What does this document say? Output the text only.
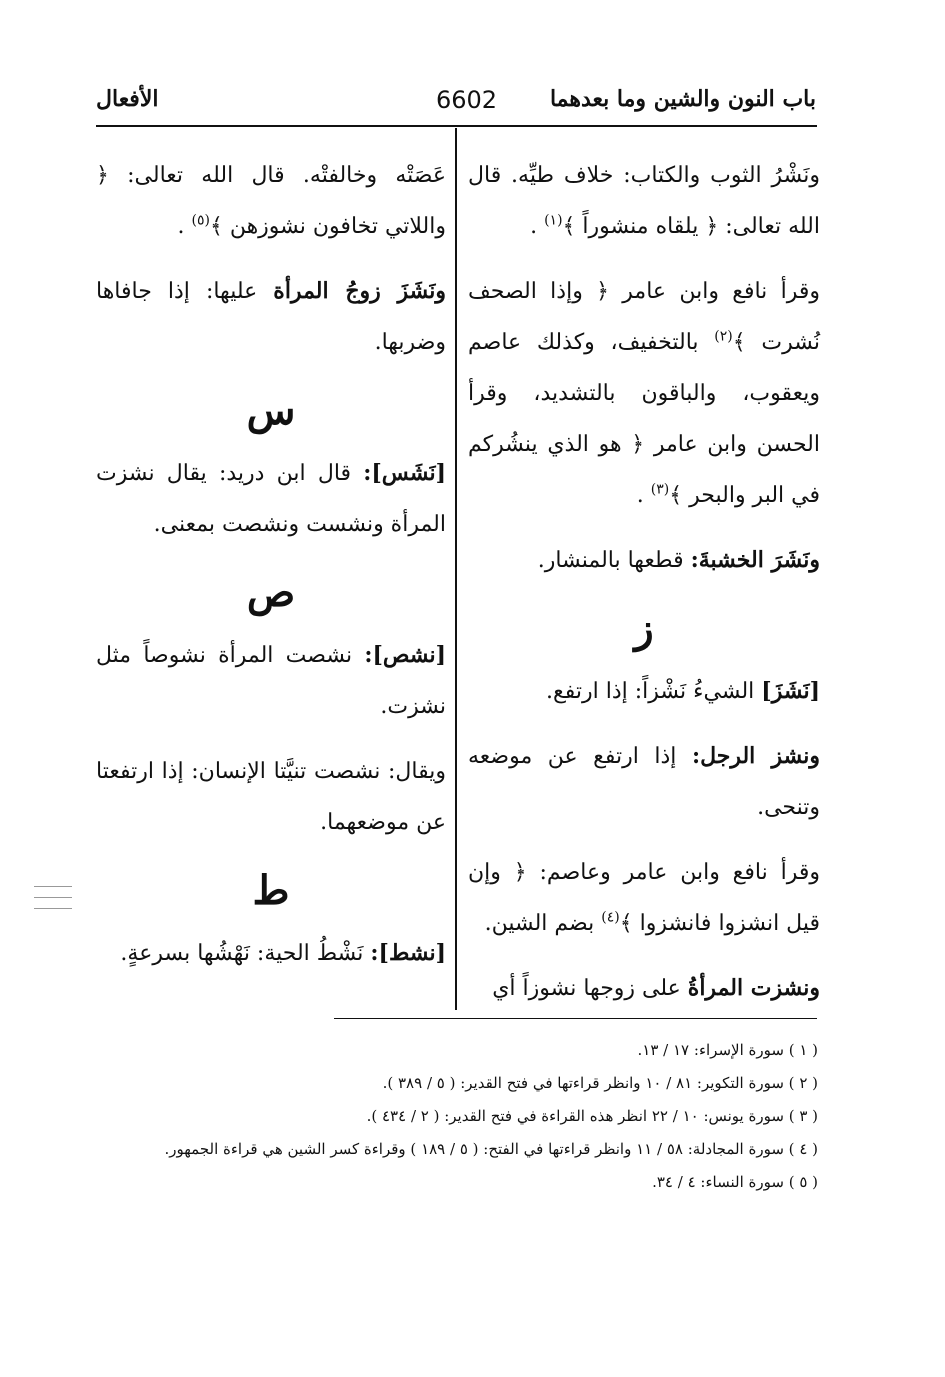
باب النون والشين وما بعدهما
6602
الأفعال

ونَشْرُ الثوب والكتاب: خلاف طيِّه. قال الله تعالى: ﴿ يلقاه منشوراً ﴾$^{(١)}$ .

وقرأ نافع وابن عامر ﴿ وإذا الصحف نُشرت ﴾$^{(٢)}$ بالتخفيف، وكذلك عاصم ويعقوب، والباقون بالتشديد، وقرأ الحسن وابن عامر ﴿ هو الذي ينشُركم في البر والبحر ﴾$^{(٣)}$ .

ونَشَرَ الخشبةَ: قطعها بالمنشار.

ز

[نَشَزَ] الشيءُ نَشْزاً: إذا ارتفع.

ونشز الرجل: إذا ارتفع عن موضعه وتنحى.

وقرأ نافع وابن عامر وعاصم: ﴿ وإن قيل انشزوا فانشزوا ﴾$^{(٤)}$ بضم الشين.

ونشزت المرأةُ على زوجها نشوزاً أي

عَصَتْه وخالفتْه. قال الله تعالى: ﴿ واللاتي تخافون نشوزهن ﴾$^{(٥)}$ .

ونَشَزَ زوجُ المرأة عليها: إذا جافاها وضربها.

س

[نَشَس]: قال ابن دريد: يقال نشزت المرأة ونشست ونشصت بمعنى.

ص

[نشص]: نشصت المرأة نشوصاً مثل نشزت.

ويقال: نشصت تنيَّتا الإنسان: إذا ارتفعتا عن موضعهما.

ط

[نشط]: نَشْطُ الحية: نَهْشُها بسرعةٍ.

( ١ ) سورة الإسراء: ١٧ / ١٣.
( ٢ ) سورة التكوير: ٨١ / ١٠ وانظر قراءتها في فتح القدير: ( ٥ / ٣٨٩ ).
( ٣ ) سورة يونس: ١٠ / ٢٢ انظر هذه القراءة في فتح القدير: ( ٢ / ٤٣٤ ).
( ٤ ) سورة المجادلة: ٥٨ / ١١ وانظر قراءتها في الفتح: ( ٥ / ١٨٩ ) وقراءة كسر الشين هي قراءة الجمهور.
( ٥ ) سورة النساء: ٤ / ٣٤.
